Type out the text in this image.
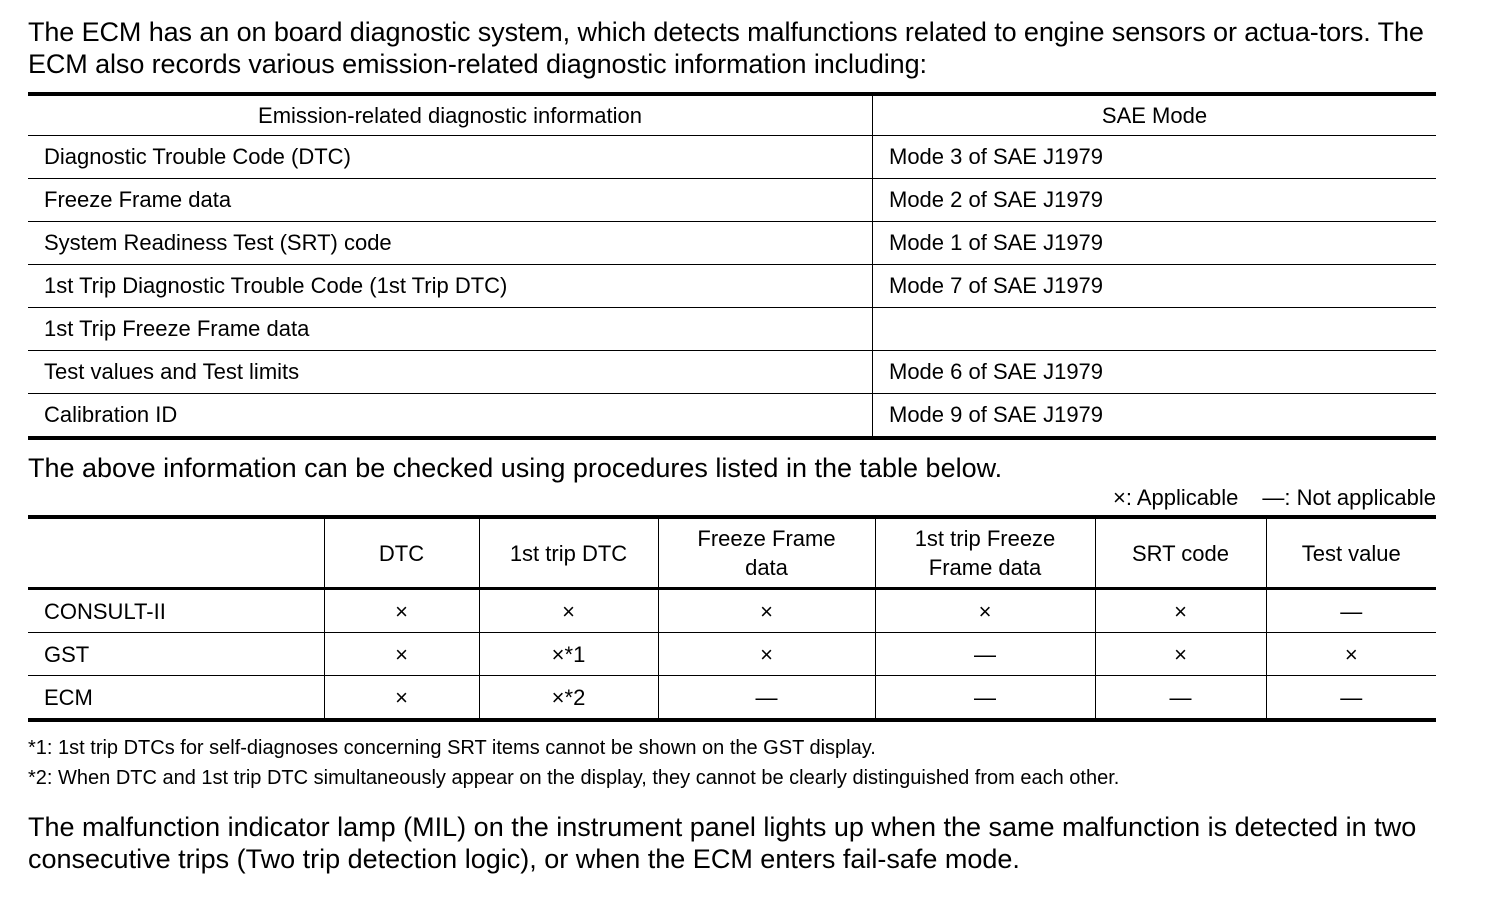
The ECM has an on board diagnostic system, which detects malfunctions related to engine sensors or actua-tors. The ECM also records various emission-related diagnostic information including:

Emission-related diagnostic information	SAE Mode
Diagnostic Trouble Code (DTC)	Mode 3 of SAE J1979
Freeze Frame data	Mode 2 of SAE J1979
System Readiness Test (SRT) code	Mode 1 of SAE J1979
1st Trip Diagnostic Trouble Code (1st Trip DTC)	Mode 7 of SAE J1979
1st Trip Freeze Frame data	
Test values and Test limits	Mode 6 of SAE J1979
Calibration ID	Mode 9 of SAE J1979

The above information can be checked using procedures listed in the table below.

×: Applicable —: Not applicable
	DTC	1st trip DTC	Freeze Frame data	1st trip Freeze Frame data	SRT code	Test value
CONSULT-II	×	×	×	×	×	—
GST	×	×*1	×	—	×	×
ECM	×	×*2	—	—	—	—
*1: 1st trip DTCs for self-diagnoses concerning SRT items cannot be shown on the GST display.
*2: When DTC and 1st trip DTC simultaneously appear on the display, they cannot be clearly distinguished from each other.

The malfunction indicator lamp (MIL) on the instrument panel lights up when the same malfunction is detected in two consecutive trips (Two trip detection logic), or when the ECM enters fail-safe mode.
